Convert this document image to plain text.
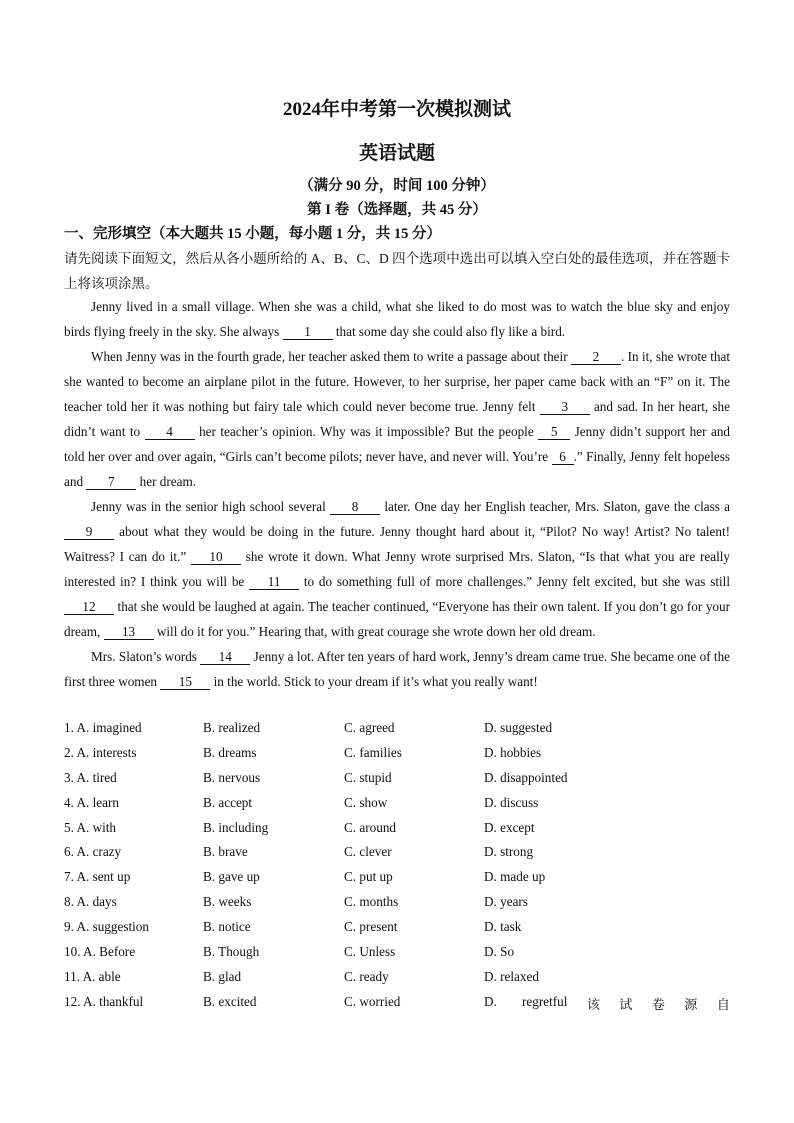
2024年中考第一次模拟测试
英语试题
（满分 90 分，时间 100 分钟）
第 I 卷（选择题，共 45 分）
一、完形填空（本大题共 15 小题，每小题 1 分，共 15 分）
请先阅读下面短文，然后从各小题所给的 A、B、C、D 四个选项中选出可以填入空白处的最佳选项，并在答题卡上将该项涂黑。

Jenny lived in a small village. When she was a child, what she liked to do most was to watch the blue sky and enjoy birds flying freely in the sky. She always 1 that some day she could also fly like a bird.

When Jenny was in the fourth grade, her teacher asked them to write a passage about their 2 . In it, she wrote that she wanted to become an airplane pilot in the future. However, to her surprise, her paper came back with an “F” on it. The teacher told her it was nothing but fairy tale which could never become true. Jenny felt 3 and sad. In her heart, she didn’t want to 4 her teacher’s opinion. Why was it impossible? But the people 5 Jenny didn’t support her and told her over and over again, “Girls can’t become pilots; never have, and never will. You’re 6 .” Finally, Jenny felt hopeless and 7 her dream.

Jenny was in the senior high school several 8 later. One day her English teacher, Mrs. Slaton, gave the class a 9 about what they would be doing in the future. Jenny thought hard about it, “Pilot? No way! Artist? No talent! Waitress? I can do it.” 10 she wrote it down. What Jenny wrote surprised Mrs. Slaton, “Is that what you are really interested in? I think you will be 11 to do something full of more challenges.” Jenny felt excited, but she was still 12 that she would be laughed at again. The teacher continued, “Everyone has their own talent. If you don’t go for your dream, 13 will do it for you.” Hearing that, with great courage she wrote down her old dream.

Mrs. Slaton’s words 14 Jenny a lot. After ten years of hard work, Jenny’s dream came true. She became one of the first three women 15 in the world. Stick to your dream if it’s what you really want!

1. A. imagined	B. realized	C. agreed	D. suggested
2. A. interests	B. dreams	C. families	D. hobbies
3. A. tired	B. nervous	C. stupid	D. disappointed
4. A. learn	B. accept	C. show	D. discuss
5. A. with	B. including	C. around	D. except
6. A. crazy	B. brave	C. clever	D. strong
7. A. sent up	B. gave up	C. put up	D. made up
8. A. days	B. weeks	C. months	D. years
9. A. suggestion	B. notice	C. present	D. task
10. A. Before	B. Though	C. Unless	D. So
11. A. able	B. glad	C. ready	D. relaxed
12. A. thankful	B. excited	C. worried	D. regretful 该 试 卷 源 自
